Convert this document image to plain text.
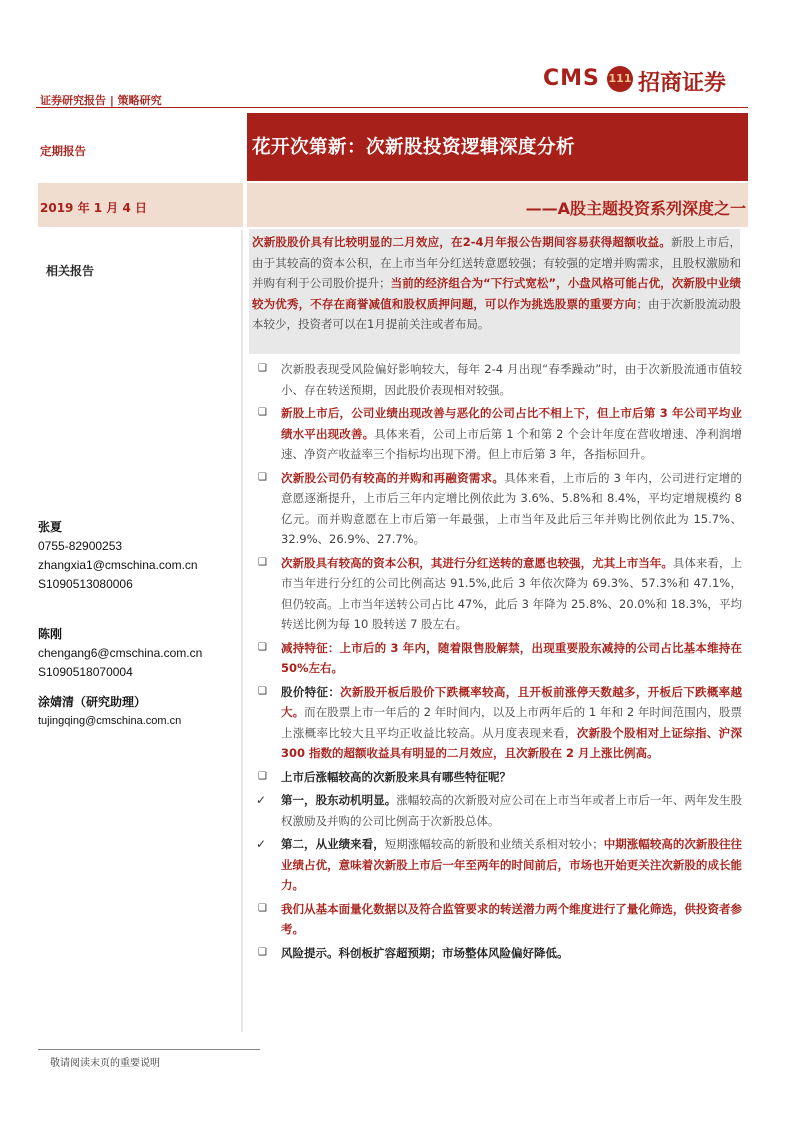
证券研究报告 | 策略研究
CMS 111 招商证券
定期报告
2019 年 1 月 4 日
相关报告
张夏
0755-82900253
zhangxia1@cmschina.com.cn
S1090513080006
陈刚
chengang6@cmschina.com.cn
S1090518070004
涂婧清（研究助理）
tujingqing@cmschina.com.cn
花开次第新：次新股投资逻辑深度分析
——A股主题投资系列深度之一
次新股股价具有比较明显的二月效应，在2-4月年报公告期间容易获得超额收益。新股上市后，由于其较高的资本公积，在上市当年分红送转意愿较强；有较强的定增并购需求，且股权激励和并购有利于公司股价提升；当前的经济组合为“下行式宽松”，小盘风格可能占优，次新股中业绩较为优秀，不存在商誉减值和股权质押问题，可以作为挑选股票的重要方向；由于次新股流动股本较少，投资者可以在1月提前关注或者布局。
❑ 次新股表现受风险偏好影响较大，每年 2-4 月出现“春季躁动”时，由于次新股流通市值较小、存在转送预期，因此股价表现相对较强。
❑ 新股上市后，公司业绩出现改善与恶化的公司占比不相上下，但上市后第 3 年公司平均业绩水平出现改善。具体来看，公司上市后第 1 个和第 2 个会计年度在营收增速、净利润增速、净资产收益率三个指标均出现下滑。但上市后第 3 年，各指标回升。
❑ 次新股公司仍有较高的并购和再融资需求。具体来看，上市后的 3 年内，公司进行定增的意愿逐渐提升，上市后三年内定增比例依此为 3.6%、5.8%和 8.4%，平均定增规模约 8 亿元。而并购意愿在上市后第一年最强，上市当年及此后三年并购比例依此为 15.7%、32.9%、26.9%、27.7%。
❑ 次新股具有较高的资本公积，其进行分红送转的意愿也较强，尤其上市当年。具体来看，上市当年进行分红的公司比例高达 91.5%,此后 3 年依次降为 69.3%、57.3%和 47.1%，但仍较高。上市当年送转公司占比 47%，此后 3 年降为 25.8%、20.0%和 18.3%，平均转送比例为每 10 股转送 7 股左右。
❑ 减持特征：上市后的 3 年内，随着限售股解禁，出现重要股东减持的公司占比基本维持在 50%左右。
❑ 股价特征：次新股开板后股价下跌概率较高，且开板前涨停天数越多，开板后下跌概率越大。而在股票上市一年后的 2 年时间内，以及上市两年后的 1 年和 2 年时间范围内，股票上涨概率比较大且平均正收益比较高。从月度表现来看，次新股个股相对上证综指、沪深 300 指数的超额收益具有明显的二月效应，且次新股在 2 月上涨比例高。
❑ 上市后涨幅较高的次新股来具有哪些特征呢？
✓ 第一，股东动机明显。涨幅较高的次新股对应公司在上市当年或者上市后一年、两年发生股权激励及并购的公司比例高于次新股总体。
✓ 第二，从业绩来看，短期涨幅较高的新股和业绩关系相对较小；中期涨幅较高的次新股往往业绩占优，意味着次新股上市后一年至两年的时间前后，市场也开始更关注次新股的成长能力。
❑ 我们从基本面量化数据以及符合监管要求的转送潜力两个维度进行了量化筛选，供投资者参考。
❑ 风险提示。科创板扩容超预期；市场整体风险偏好降低。
敬请阅读末页的重要说明
